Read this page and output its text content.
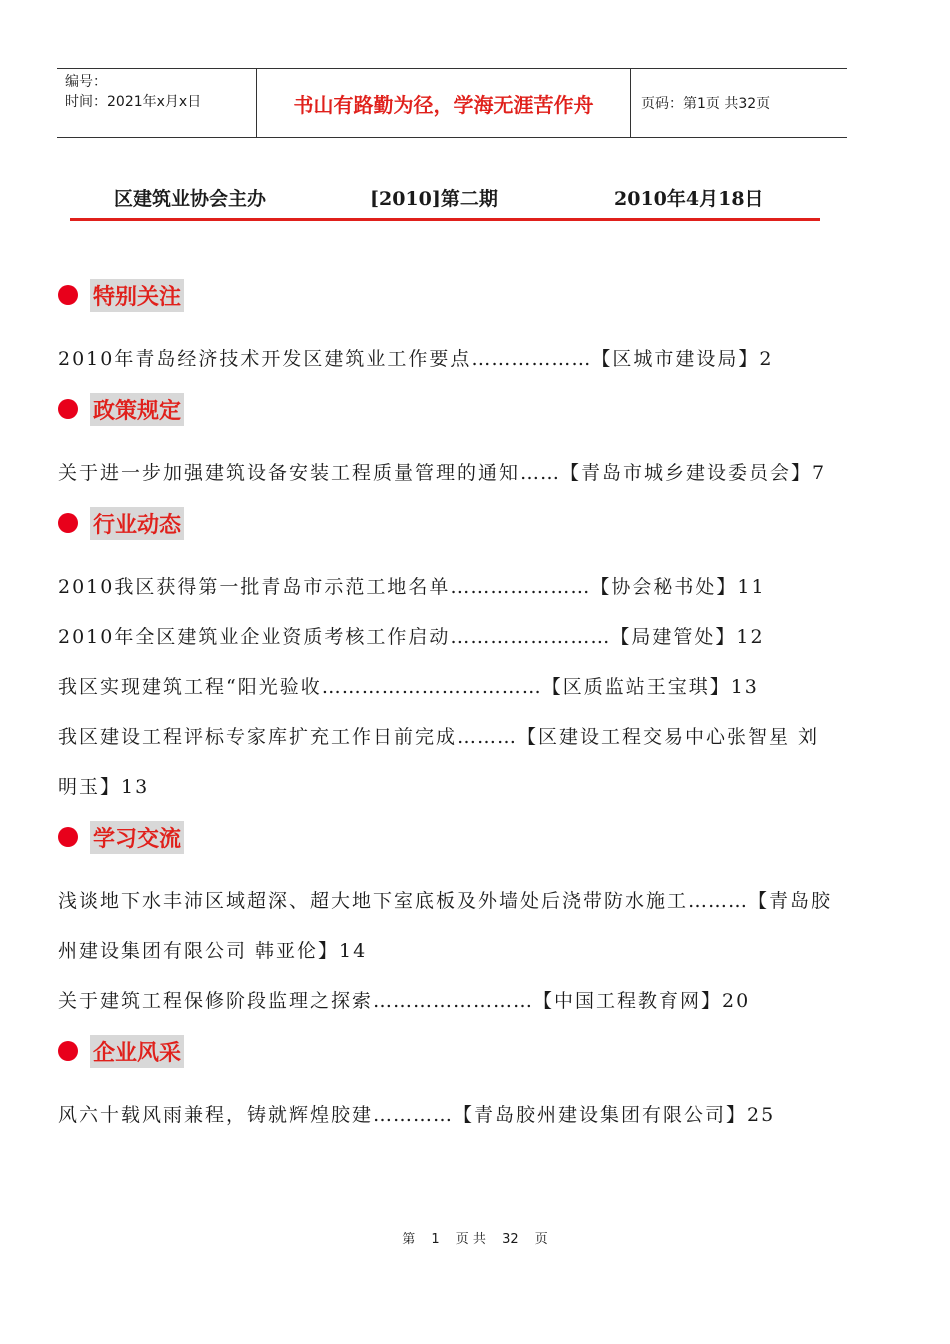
编号：
时间：2021年x月x日	书山有路勤为径，学海无涯苦作舟	页码：第1页 共32页
区建筑业协会主办	[2010]第二期	2010年4月18日
特别关注
2010年青岛经济技术开发区建筑业工作要点………………【区城市建设局】2
政策规定
关于进一步加强建筑设备安装工程质量管理的通知……【青岛市城乡建设委员会】7
行业动态
2010我区获得第一批青岛市示范工地名单…………………【协会秘书处】11
2010年全区建筑业企业资质考核工作启动……………………【局建管处】12
我区实现建筑工程“阳光验收……………………………【区质监站王宝琪】13
我区建设工程评标专家库扩充工作日前完成………【区建设工程交易中心张智星 刘明玉】13
学习交流
浅谈地下水丰沛区域超深、超大地下室底板及外墙处后浇带防水施工………【青岛胶州建设集团有限公司 韩亚伦】14
关于建筑工程保修阶段监理之探索……………………【中国工程教育网】20
企业风采
风六十载风雨兼程，铸就辉煌胶建…………【青岛胶州建设集团有限公司】25
第 1 页 共 32 页
